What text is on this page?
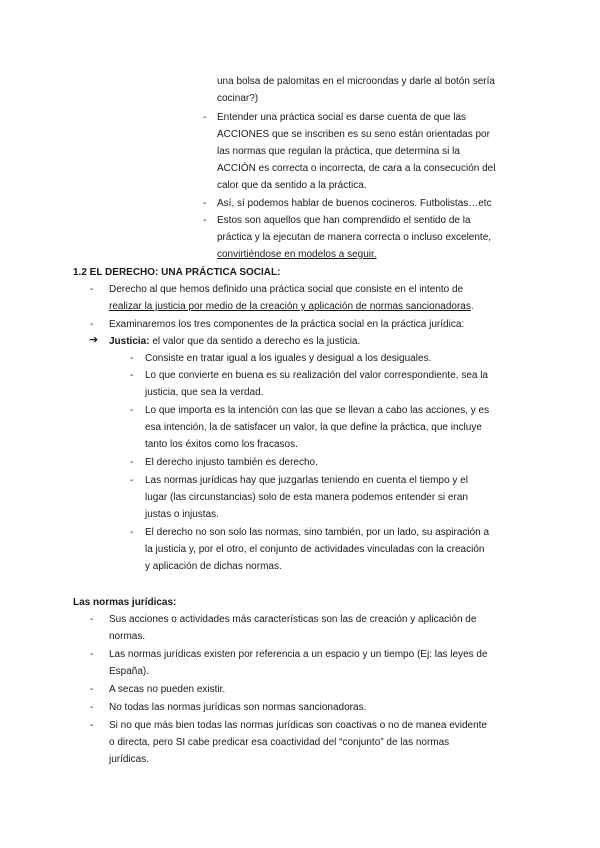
una bolsa de palomitas en el microondas y darle al botón sería
cocinar?)
- Entender una práctica social es darse cuenta de que las
ACCIONES que se inscriben es su seno están orientadas por
las normas que regulan la práctica, que determina si la
ACCIÓN es correcta o incorrecta, de cara a la consecución del
calor que da sentido a la práctica.
- Así, sí podemos hablar de buenos cocineros. Futbolistas…etc
- Estos son aquellos que han comprendido el sentido de la
práctica y la ejecutan de manera correcta o incluso excelente,
convirtiéndose en modelos a seguir.
1.2 EL DERECHO: UNA PRÁCTICA SOCIAL:
- Derecho al que hemos definido una práctica social que consiste en el intento de
realizar la justicia por medio de la creación y aplicación de normas sancionadoras.
- Examinaremos los tres componentes de la práctica social en la práctica jurídica:
➔ Justicia: el valor que da sentido a derecho es la justicia.
- Consiste en tratar igual a los iguales y desigual a los desiguales.
- Lo que convierte en buena es su realización del valor correspondiente, sea la
justicia, que sea la verdad.
- Lo que importa es la intención con las que se llevan a cabo las acciones, y es
esa intención, la de satisfacer un valor, la que define la práctica, que incluye
tanto los éxitos como los fracasos.
- El derecho injusto también es derecho.
- Las normas jurídicas hay que juzgarlas teniendo en cuenta el tiempo y el
lugar (las circunstancias) solo de esta manera podemos entender si eran
justas o injustas.
- El derecho no son solo las normas, sino también, por un lado, su aspiración a
la justicia y, por el otro, el conjunto de actividades vinculadas con la creación
y aplicación de dichas normas.
Las normas jurídicas:
- Sus acciones o actividades más características son las de creación y aplicación de
normas.
- Las normas jurídicas existen por referencia a un espacio y un tiempo (Ej: las leyes de
España).
- A secas no pueden existir.
- No todas las normas jurídicas son normas sancionadoras.
- Si no que más bien todas las normas jurídicas son coactivas o no de manea evidente
o directa, pero SI cabe predicar esa coactividad del “conjunto” de las normas
jurídicas.
